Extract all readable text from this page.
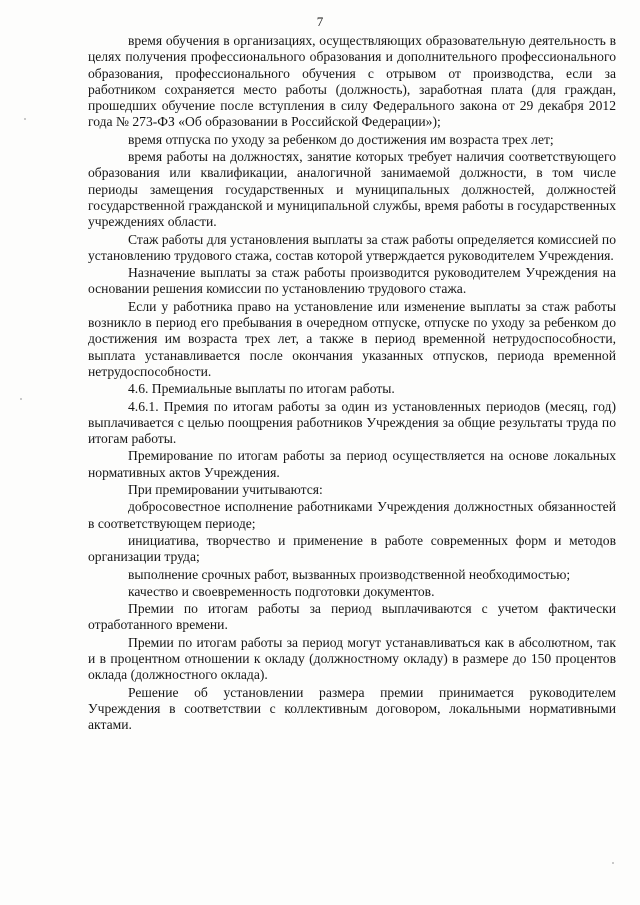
7

время обучения в организациях, осуществляющих образовательную деятельность в целях получения профессионального образования и дополнительного профессионального образования, профессионального обучения с отрывом от производства, если за работником сохраняется место работы (должность), заработная плата (для граждан, прошедших обучение после вступления в силу Федерального закона от 29 декабря 2012 года № 273-ФЗ «Об образовании в Российской Федерации»);

время отпуска по уходу за ребенком до достижения им возраста трех лет;

время работы на должностях, занятие которых требует наличия соответствующего образования или квалификации, аналогичной занимаемой должности, в том числе периоды замещения государственных и муниципальных должностей, должностей государственной гражданской и муниципальной службы, время работы в государственных учреждениях области.

Стаж работы для установления выплаты за стаж работы определяется комиссией по установлению трудового стажа, состав которой утверждается руководителем Учреждения.

Назначение выплаты за стаж работы производится руководителем Учреждения на основании решения комиссии по установлению трудового стажа.

Если у работника право на установление или изменение выплаты за стаж работы возникло в период его пребывания в очередном отпуске, отпуске по уходу за ребенком до достижения им возраста трех лет, а также в период временной нетрудоспособности, выплата устанавливается после окончания указанных отпусков, периода временной нетрудоспособности.

4.6. Премиальные выплаты по итогам работы.

4.6.1. Премия по итогам работы за один из установленных периодов (месяц, год) выплачивается с целью поощрения работников Учреждения за общие результаты труда по итогам работы.

Премирование по итогам работы за период осуществляется на основе локальных нормативных актов Учреждения.

При премировании учитываются:

добросовестное исполнение работниками Учреждения должностных обязанностей в соответствующем периоде;

инициатива, творчество и применение в работе современных форм и методов организации труда;

выполнение срочных работ, вызванных производственной необходимостью;

качество и своевременность подготовки документов.

Премии по итогам работы за период выплачиваются с учетом фактически отработанного времени.

Премии по итогам работы за период могут устанавливаться как в абсолютном, так и в процентном отношении к окладу (должностному окладу) в размере до 150 процентов оклада (должностного оклада).

Решение об установлении размера премии принимается руководителем Учреждения в соответствии с коллективным договором, локальными нормативными актами.
